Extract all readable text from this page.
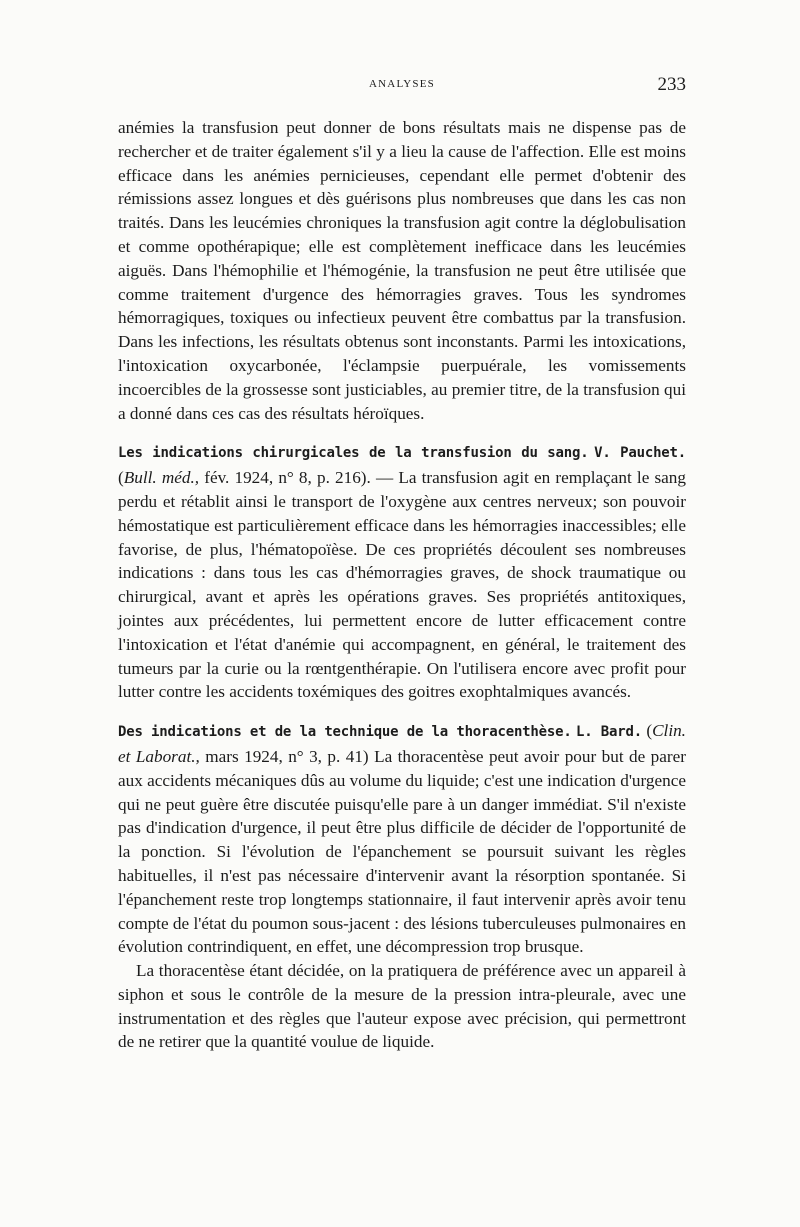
ANALYSES	233

anémies la transfusion peut donner de bons résultats mais ne dispense pas de rechercher et de traiter également s'il y a lieu la cause de l'affection. Elle est moins efficace dans les anémies pernicieuses, cependant elle permet d'obtenir des rémissions assez longues et dès guérisons plus nombreuses que dans les cas non traités. Dans les leucémies chroniques la transfusion agit contre la déglobulisation et comme opothérapique; elle est complètement inefficace dans les leucémies aiguës. Dans l'hémophilie et l'hémogénie, la transfusion ne peut être utilisée que comme traitement d'urgence des hémorragies graves. Tous les syndromes hémorragiques, toxiques ou infectieux peuvent être combattus par la transfusion. Dans les infections, les résultats obtenus sont inconstants. Parmi les intoxications, l'intoxication oxycarbonée, l'éclampsie puerpuérale, les vomissements incoercibles de la grossesse sont justiciables, au premier titre, de la transfusion qui a donné dans ces cas des résultats héroïques.

Les indications chirurgicales de la transfusion du sang. V. Pauchet. (Bull. méd., fév. 1924, n° 8, p. 216). — La transfusion agit en remplaçant le sang perdu et rétablit ainsi le transport de l'oxygène aux centres nerveux; son pouvoir hémostatique est particulièrement efficace dans les hémorragies inaccessibles; elle favorise, de plus, l'hématopoïèse. De ces propriétés découlent ses nombreuses indications : dans tous les cas d'hémorragies graves, de shock traumatique ou chirurgical, avant et après les opérations graves. Ses propriétés antitoxiques, jointes aux précédentes, lui permettent encore de lutter efficacement contre l'intoxication et l'état d'anémie qui accompagnent, en général, le traitement des tumeurs par la curie ou la rœntgenthérapie. On l'utilisera encore avec profit pour lutter contre les accidents toxémiques des goitres exophtalmiques avancés.

Des indications et de la technique de la thoracenthèse. L. Bard. (Clin. et Laborat., mars 1924, n° 3, p. 41) La thoracentèse peut avoir pour but de parer aux accidents mécaniques dûs au volume du liquide; c'est une indication d'urgence qui ne peut guère être discutée puisqu'elle pare à un danger immédiat. S'il n'existe pas d'indication d'urgence, il peut être plus difficile de décider de l'opportunité de la ponction. Si l'évolution de l'épanchement se poursuit suivant les règles habituelles, il n'est pas nécessaire d'intervenir avant la résorption spontanée. Si l'épanchement reste trop longtemps stationnaire, il faut intervenir après avoir tenu compte de l'état du poumon sous-jacent : des lésions tuberculeuses pulmonaires en évolution contrindiquent, en effet, une décompression trop brusque.

La thoracentèse étant décidée, on la pratiquera de préférence avec un appareil à siphon et sous le contrôle de la mesure de la pression intra-pleurale, avec une instrumentation et des règles que l'auteur expose avec précision, qui permettront de ne retirer que la quantité voulue de liquide.
